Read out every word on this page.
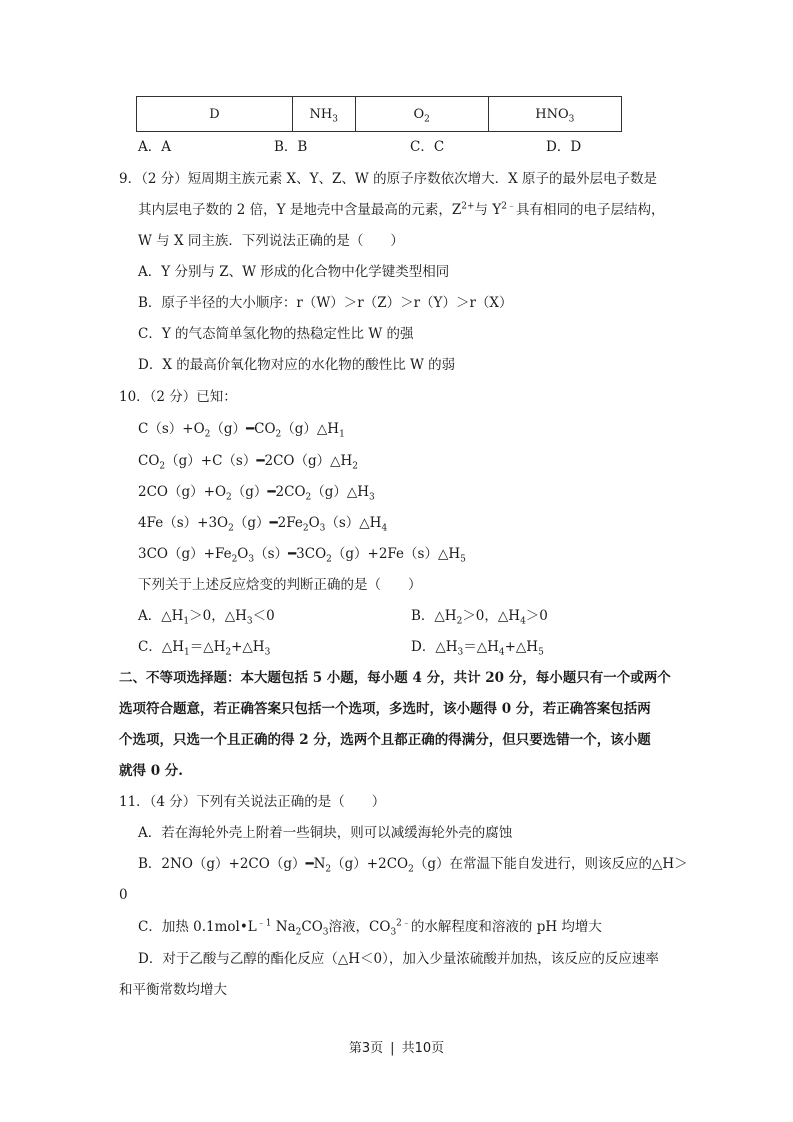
D	$NH_3$	$O_2$	$HNO_3$
A．A	B．B	C．C	D．D
9．（2 分）短周期主族元素 X、Y、Z、W 的原子序数依次增大．X 原子的最外层电子数是
其内层电子数的 2 倍，Y 是地壳中含量最高的元素，$Z^{2+}$与 $Y^{2﹣}$具有相同的电子层结构，
W 与 X 同主族．下列说法正确的是（　　）
A．Y 分别与 Z、W 形成的化合物中化学键类型相同
B．原子半径的大小顺序：r（W）＞r（Z）＞r（Y）＞r（X）
C．Y 的气态简单氢化物的热稳定性比 W 的强
D．X 的最高价氧化物对应的水化物的酸性比 W 的弱
10．（2 分）已知：
$C(s)+O_2(g)━CO_2(g)\triangle H_1$
$CO_2(g)+C(s)━2CO(g)\triangle H_2$
$2CO(g)+O_2(g)━2CO_2(g)\triangle H_3$
$4Fe(s)+3O_2(g)━2Fe_2O_3(s)\triangle H_4$
$3CO(g)+Fe_2O_3(s)━3CO_2(g)+2Fe(s)\triangle H_5$
下列关于上述反应焓变的判断正确的是（　　）
A．$\triangle H_1>0$，$\triangle H_3<0$	B．$\triangle H_2>0$，$\triangle H_4>0$
C．$\triangle H_1=\triangle H_2+\triangle H_3$	D．$\triangle H_3=\triangle H_4+\triangle H_5$
二、不等项选择题：本大题包括 5 小题，每小题 4 分，共计 20 分，每小题只有一个或两个
选项符合题意，若正确答案只包括一个选项，多选时，该小题得 0 分，若正确答案包括两
个选项，只选一个且正确的得 2 分，选两个且都正确的得满分，但只要选错一个，该小题
就得 0 分.
11．（4 分）下列有关说法正确的是（　　）
A．若在海轮外壳上附着一些铜块，则可以减缓海轮外壳的腐蚀
B．$2NO(g)+2CO(g)━N_2(g)+2CO_2(g)$在常温下能自发进行，则该反应的△H＞
0
C．加热 $0.1mol•L^{﹣1}$ $Na_2CO_3$溶液，$CO_3^{2﹣}$的水解程度和溶液的 pH 均增大
D．对于乙酸与乙醇的酯化反应（△H＜0），加入少量浓硫酸并加热，该反应的反应速率
和平衡常数均增大
第3页 | 共10页
